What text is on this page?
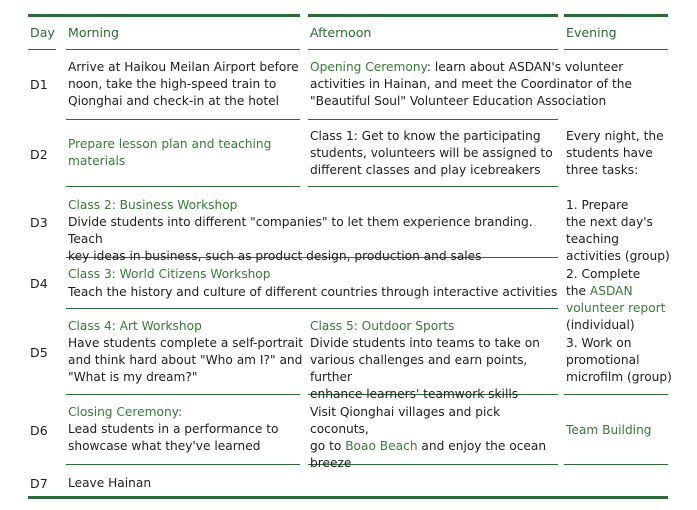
Day Morning	Afternoon	Evening
D1
D2
D3
D4
D5
D6
D7
Arrive at Haikou Meilan Airport before
noon, take the high-speed train to
Qionghai and check-in at the hotel
Opening Ceremony: learn about ASDAN's volunteer activities in Hainan, and meet the Coordinator of the "Beautiful Soul" Volunteer Education Association
Prepare lesson plan and teaching
materials
Class 1: Get to know the participating
students, volunteers will be assigned to
different classes and play icebreakers
Class 2: Business Workshop
Divide students into different "companies" to let them experience branding. Teach
key ideas in business, such as product design, production and sales
Class 3: World Citizens Workshop
Teach the history and culture of different countries through interactive activities
Class 4: Art Workshop
Have students complete a self-portrait
and think hard about "Who am I?" and
"What is my dream?"
Class 5: Outdoor Sports
Divide students into teams to take on
various challenges and earn points, further
enhance learners' teamwork skills
Closing Ceremony:
Lead students in a performance to
showcase what they've learned
Visit Qionghai villages and pick coconuts,
go to Boao Beach and enjoy the ocean
breeze
Team Building
Leave Hainan
Every night, the
students have
three tasks:
1. Prepare
the next day's
teaching
activities (group)
2. Complete
the ASDAN
volunteer report
(individual)
3. Work on
promotional
microfilm (group)
